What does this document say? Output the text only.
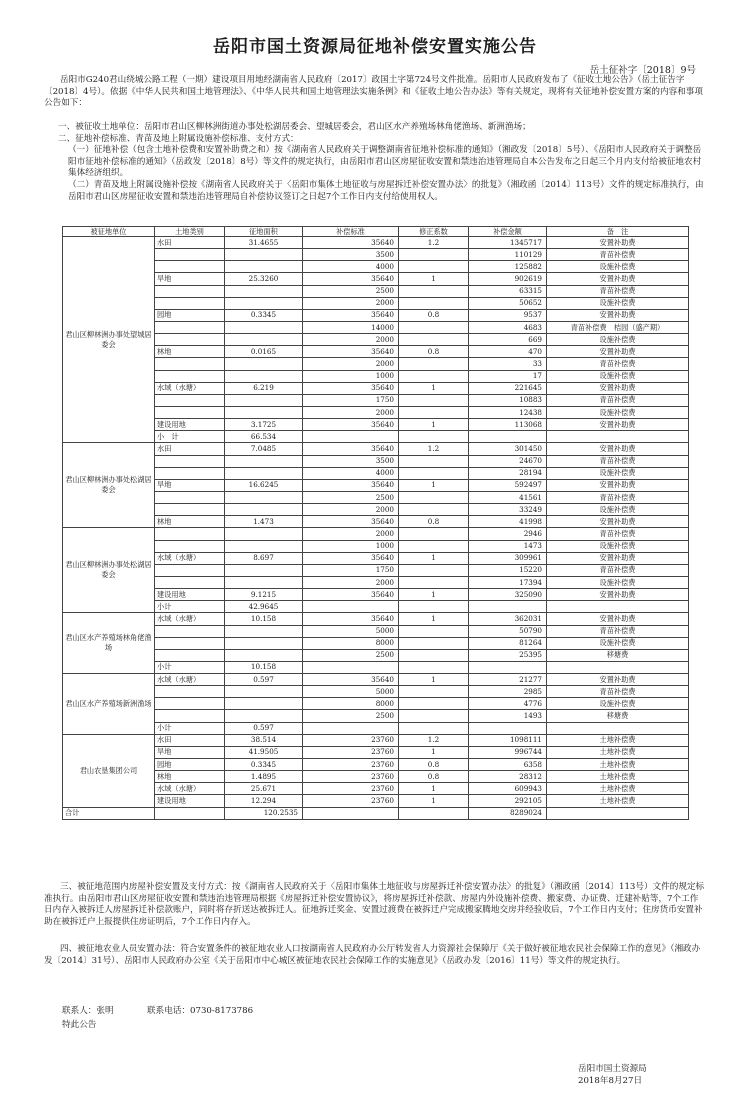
岳阳市国土资源局征地补偿安置实施公告
岳土征补字〔2018〕9号

岳阳市G240君山绕城公路工程（一期）建设项目用地经湖南省人民政府〔2017〕政国土字第724号文件批准。岳阳市人民政府发布了《征收土地公告》（岳土征告字〔2018〕4号）。依据《中华人民共和国土地管理法》、《中华人民共和国土地管理法实施条例》和《征收土地公告办法》等有关规定，现将有关征地补偿安置方案的内容和事项公告如下：

一、被征收土地单位：岳阳市君山区柳林洲街道办事处松湖居委会、望城居委会，君山区水产养殖场林角佬渔场、新洲渔场；
二、征地补偿标准、青苗及地上附属设施补偿标准、支付方式：
（一）征地补偿（包含土地补偿费和安置补助费之和）按《湖南省人民政府关于调整湖南省征地补偿标准的通知》（湘政发〔2018〕5号）、《岳阳市人民政府关于调整岳阳市征地补偿标准的通知》（岳政发〔2018〕8号）等文件的规定执行，由岳阳市君山区房屋征收安置和禁违治违管理局自本公告发布之日起三个月内支付给被征地农村集体经济组织。
（二）青苗及地上附属设施补偿按《湖南省人民政府关于〈岳阳市集体土地征收与房屋拆迁补偿安置办法〉的批复》（湘政函〔2014〕113号）文件的规定标准执行，由岳阳市君山区房屋征收安置和禁违治违管理局自补偿协议签订之日起7个工作日内支付给使用权人。
被征地单位	土地类别	征地面积	补偿标准	修正系数	补偿金额	备　注
君山区柳林洲办事处望城居委会	水田	31.4655	35640	1.2	1345717	安置补助费
			3500		110129	青苗补偿费
			4000		125882	设施补偿费
	旱地	25.3260	35640	1	902619	安置补助费
			2500		63315	青苗补偿费
			2000		50652	设施补偿费
	园地	0.3345	35640	0.8	9537	安置补助费
			14000		4683	青苗补偿费　桔园（盛产期）
			2000		669	设施补偿费
	林地	0.0165	35640	0.8	470	安置补助费
			2000		33	青苗补偿费
			1000		17	设施补偿费
	水域（水塘）	6.219	35640	1	221645	安置补助费
			1750		10883	青苗补偿费
			2000		12438	设施补偿费
	建设用地	3.1725	35640	1	113068	安置补助费
	小　计	66.534				
君山区柳林洲办事处松湖居委会	水田	7.0485	35640	1.2	301450	安置补助费
			3500		24670	青苗补偿费
			4000		28194	设施补偿费
	旱地	16.6245	35640	1	592497	安置补助费
			2500		41561	青苗补偿费
			2000		33249	设施补偿费
	林地	1.473	35640	0.8	41998	安置补助费
君山区柳林洲办事处松湖居委会			2000		2946	青苗补偿费
			1000		1473	设施补偿费
	水域（水塘）	8.697	35640	1	309961	安置补助费
			1750		15220	青苗补偿费
			2000		17394	设施补偿费
	建设用地	9.1215	35640	1	325090	安置补助费
	小计	42.9645				
君山区水产养殖场林角佬渔场	水域（水塘）	10.158	35640	1	362031	安置补助费
			5000		50790	青苗补偿费
			8000		81264	设施补偿费
			2500		25395	移塘费
	小计	10.158				
君山区水产养殖场新洲渔场	水域（水塘）	0.597	35640	1	21277	安置补助费
			5000		2985	青苗补偿费
			8000		4776	设施补偿费
			2500		1493	移塘费
	小计	0.597				
君山农垦集团公司	水田	38.514	23760	1.2	1098111	土地补偿费
	旱地	41.9505	23760	1	996744	土地补偿费
	园地	0.3345	23760	0.8	6358	土地补偿费
	林地	1.4895	23760	0.8	28312	土地补偿费
	水域（水塘）	25.671	23760	1	609943	土地补偿费
	建设用地	12.294	23760	1	292105	土地补偿费
合计		120.2535			8289024	

三、被征地范围内房屋补偿安置及支付方式：按《湖南省人民政府关于〈岳阳市集体土地征收与房屋拆迁补偿安置办法〉的批复》（湘政函〔2014〕113号）文件的规定标准执行。由岳阳市君山区房屋征收安置和禁违治违管理局根据《房屋拆迁补偿安置协议》，将房屋拆迁补偿款、房屋内外设施补偿费、搬家费、办证费、迁建补贴等，7个工作日内存入被拆迁人房屋拆迁补偿款账户，同时将存折送达被拆迁人。征地拆迁奖金、安置过渡费在被拆迁户完成搬家腾地交房并经验收后，7个工作日内支付；住房货币安置补助在被拆迁户上报提供住房证明后，7个工作日内存入。

四、被征地农业人员安置办法：符合安置条件的被征地农业人口按湖南省人民政府办公厅转发省人力资源社会保障厅《关于做好被征地农民社会保障工作的意见》（湘政办发〔2014〕31号）、岳阳市人民政府办公室《关于岳阳市中心城区被征地农民社会保障工作的实施意见》（岳政办发〔2016〕11号）等文件的规定执行。

联系人：张明	联系电话：0730-8173786
特此公告
岳阳市国土资源局
2018年8月27日
